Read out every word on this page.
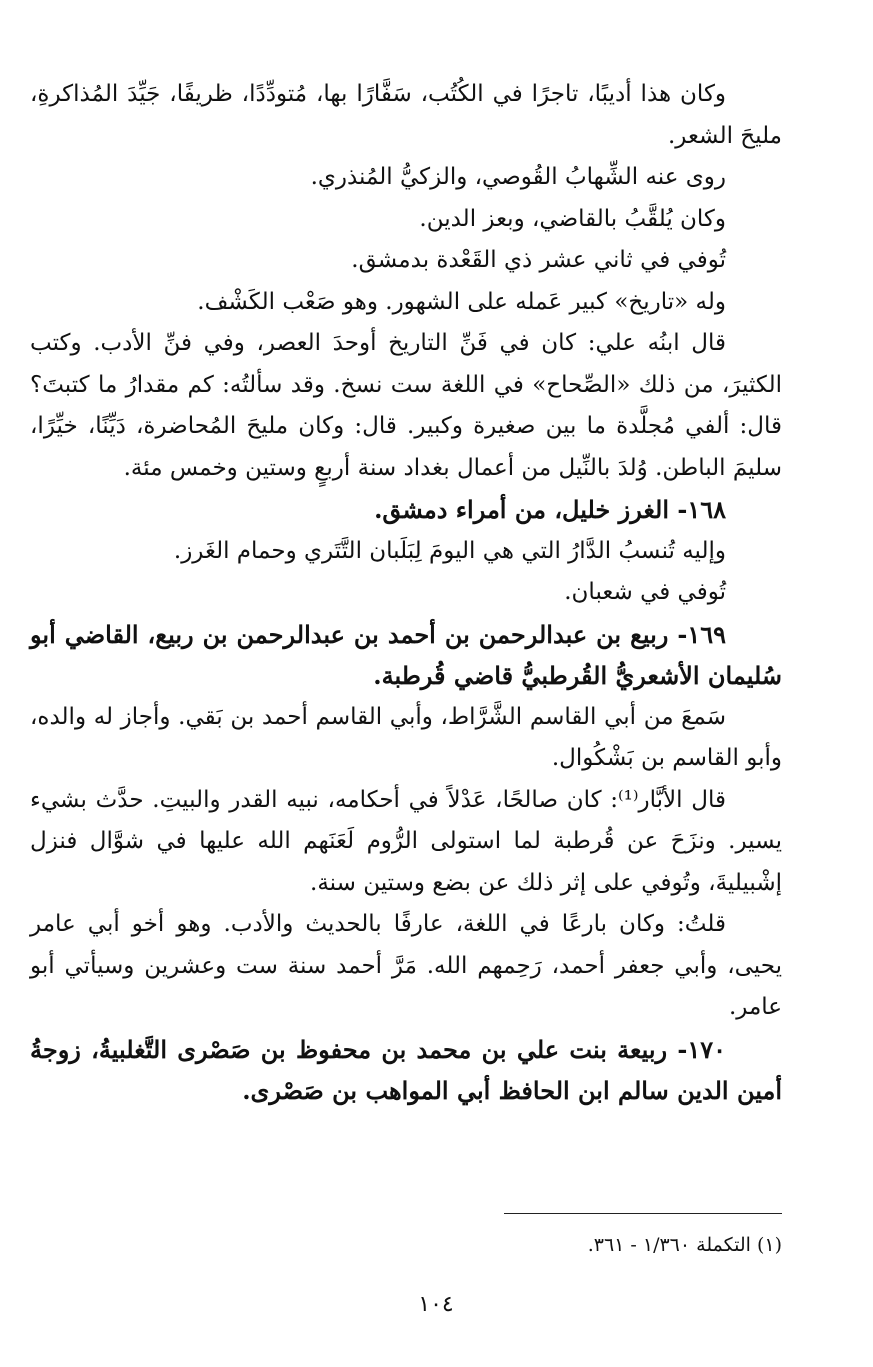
وكان هذا أديبًا، تاجرًا في الكُتُب، سَفَّارًا بها، مُتودِّدًا، ظريفًا، جَيِّدَ المُذاكرةِ، مليحَ الشعر.

روى عنه الشِّهابُ القُوصي، والزكيُّ المُنذري.

وكان يُلقَّبُ بالقاضي، وبعز الدين.

تُوفي في ثاني عشر ذي القَعْدة بدمشق.

وله «تاريخ» كبير عَمله على الشهور. وهو صَعْب الكَشْف.

قال ابنُه علي: كان في فَنِّ التاريخ أوحدَ العصر، وفي فنِّ الأدب. وكتب الكثيرَ، من ذلك «الصِّحاح» في اللغة ست نسخ. وقد سألتُه: كم مقدارُ ما كتبتَ؟ قال: ألفي مُجلَّدة ما بين صغيرة وكبير. قال: وكان مليحَ المُحاضرة، دَيِّنًا، خيِّرًا، سليمَ الباطن. وُلدَ بالنِّيل من أعمال بغداد سنة أربعٍ وستين وخمس مئة.

١٦٨- الغرز خليل، من أمراء دمشق.

وإليه تُنسبُ الدَّارُ التي هي اليومَ لِبَلَبان التَّتَري وحمام الغَرز.

تُوفي في شعبان.

١٦٩- ربيع بن عبدالرحمن بن أحمد بن عبدالرحمن بن ربيع، القاضي أبو سُليمان الأشعريُّ القُرطبيُّ قاضي قُرطبة.

سَمعَ من أبي القاسم الشَّرَّاط، وأبي القاسم أحمد بن بَقي. وأجاز له والده، وأبو القاسم بن بَشْكُوال.

قال الأبَّار⁽¹⁾: كان صالحًا، عَدْلاً في أحكامه، نبيه القدر والبيتِ. حدَّث بشيء يسير. ونزَحَ عن قُرطبة لما استولى الرُّوم لَعَنَهم الله عليها في شوَّال فنزل إشْبيليةَ، وتُوفي على إثر ذلك عن بضع وستين سنة.

قلتُ: وكان بارعًا في اللغة، عارفًا بالحديث والأدب. وهو أخو أبي عامر يحيى، وأبي جعفر أحمد، رَحِمهم الله. مَرَّ أحمد سنة ست وعشرين وسيأتي أبو عامر.

١٧٠- ربيعة بنت علي بن محمد بن محفوظ بن صَصْرى التَّغلبيةُ، زوجةُ أمين الدين سالم ابن الحافظ أبي المواهب بن صَصْرى.

(١) التكملة ١/٣٦٠ - ٣٦١.
١٠٤
